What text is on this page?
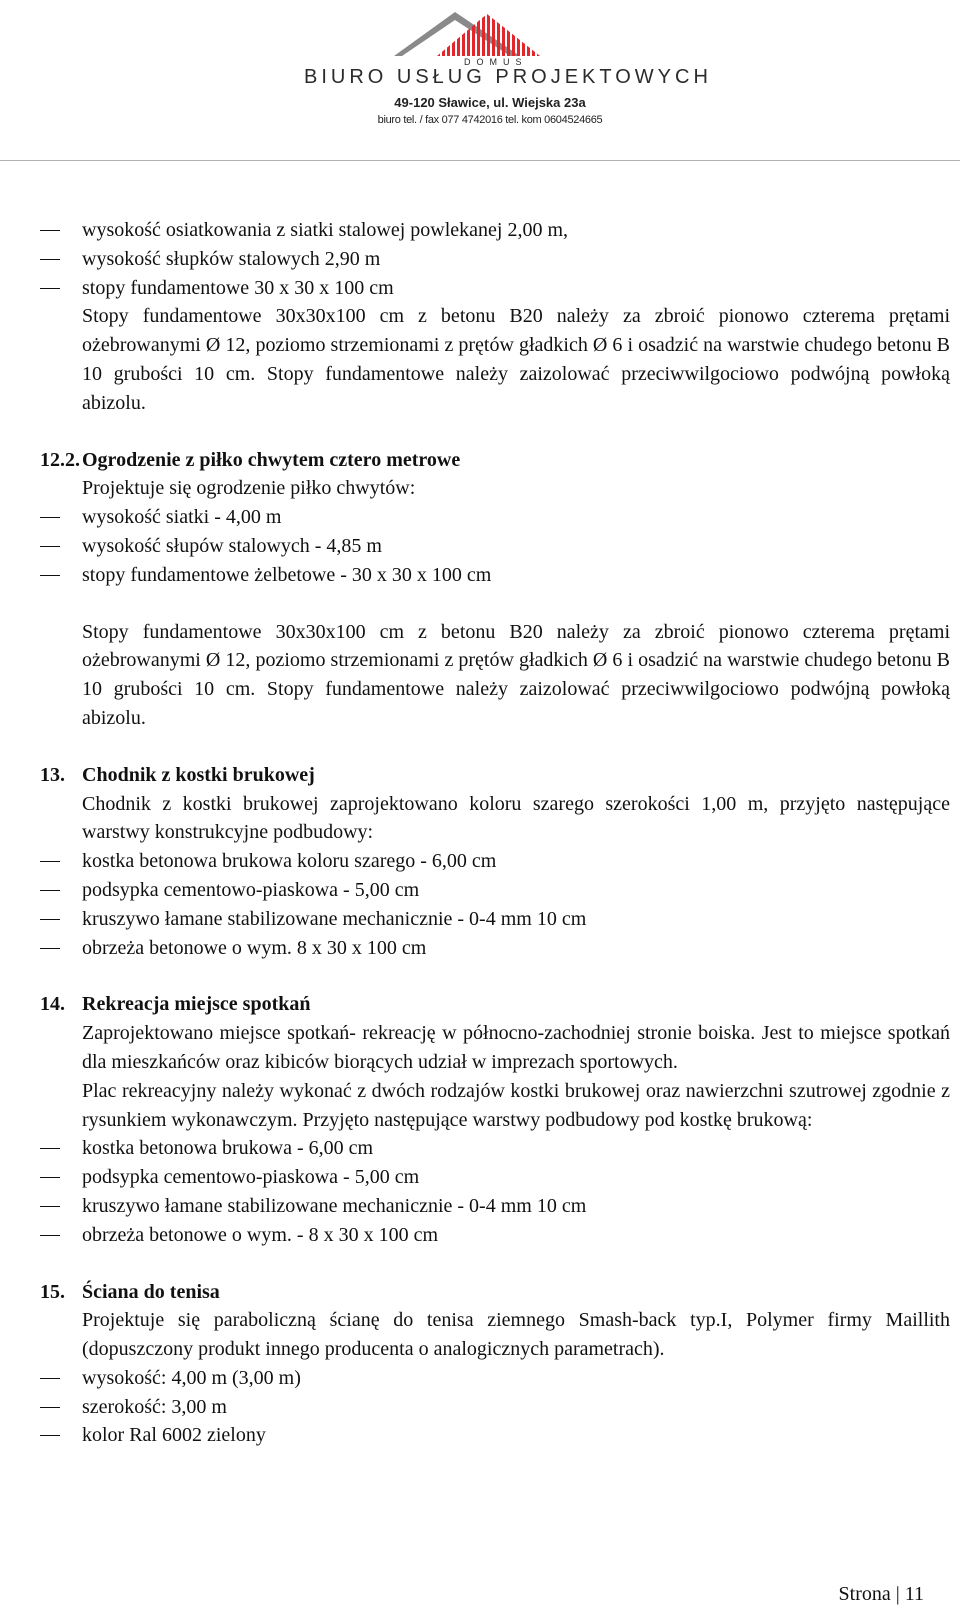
DOMUS
BIURO USŁUG PROJEKTOWYCH
49-120 Sławice, ul. Wiejska 23a
biuro tel. / fax 077 4742016 tel. kom 0604524665
wysokość osiatkowania z siatki stalowej powlekanej 2,00 m,
wysokość słupków stalowych 2,90 m
stopy fundamentowe 30 x 30 x 100 cm
Stopy fundamentowe 30x30x100 cm z betonu B20 należy za zbroić pionowo czterema prętami ożebrowanymi Ø 12, poziomo strzemionami z prętów gładkich Ø 6 i osadzić na warstwie chudego betonu B 10 grubości 10 cm. Stopy fundamentowe należy zaizolować przeciwwilgociowo podwójną powłoką abizolu.
12.2. Ogrodzenie z piłko chwytem cztero metrowe
Projektuje się ogrodzenie piłko chwytów:
wysokość siatki - 4,00 m
wysokość słupów stalowych - 4,85 m
stopy fundamentowe żelbetowe - 30 x 30 x 100 cm
Stopy fundamentowe 30x30x100 cm z betonu B20 należy za zbroić pionowo czterema prętami ożebrowanymi Ø 12, poziomo strzemionami z prętów gładkich Ø 6 i osadzić na warstwie chudego betonu B 10 grubości 10 cm. Stopy fundamentowe należy zaizolować przeciwwilgociowo podwójną powłoką abizolu.
13. Chodnik z kostki brukowej
Chodnik z kostki brukowej zaprojektowano koloru szarego szerokości 1,00 m, przyjęto następujące warstwy konstrukcyjne podbudowy:
kostka betonowa brukowa koloru szarego - 6,00 cm
podsypka cementowo-piaskowa - 5,00 cm
kruszywo łamane stabilizowane mechanicznie - 0-4 mm 10 cm
obrzeża betonowe o wym. 8 x 30 x 100 cm
14. Rekreacja miejsce spotkań
Zaprojektowano miejsce spotkań- rekreację w północno-zachodniej stronie boiska. Jest to miejsce spotkań dla mieszkańców oraz kibiców biorących udział w imprezach sportowych.
Plac rekreacyjny należy wykonać z dwóch rodzajów kostki brukowej oraz nawierzchni szutrowej zgodnie z rysunkiem wykonawczym. Przyjęto następujące warstwy podbudowy pod kostkę brukową:
kostka betonowa brukowa - 6,00 cm
podsypka cementowo-piaskowa - 5,00 cm
kruszywo łamane stabilizowane mechanicznie - 0-4 mm 10 cm
obrzeża betonowe o wym. - 8 x 30 x 100 cm
15. Ściana do tenisa
Projektuje się paraboliczną ścianę do tenisa ziemnego Smash-back typ.I, Polymer firmy Maillith (dopuszczony produkt innego producenta o analogicznych parametrach).
wysokość: 4,00 m (3,00 m)
szerokość: 3,00 m
kolor Ral 6002 zielony
Strona | 11
